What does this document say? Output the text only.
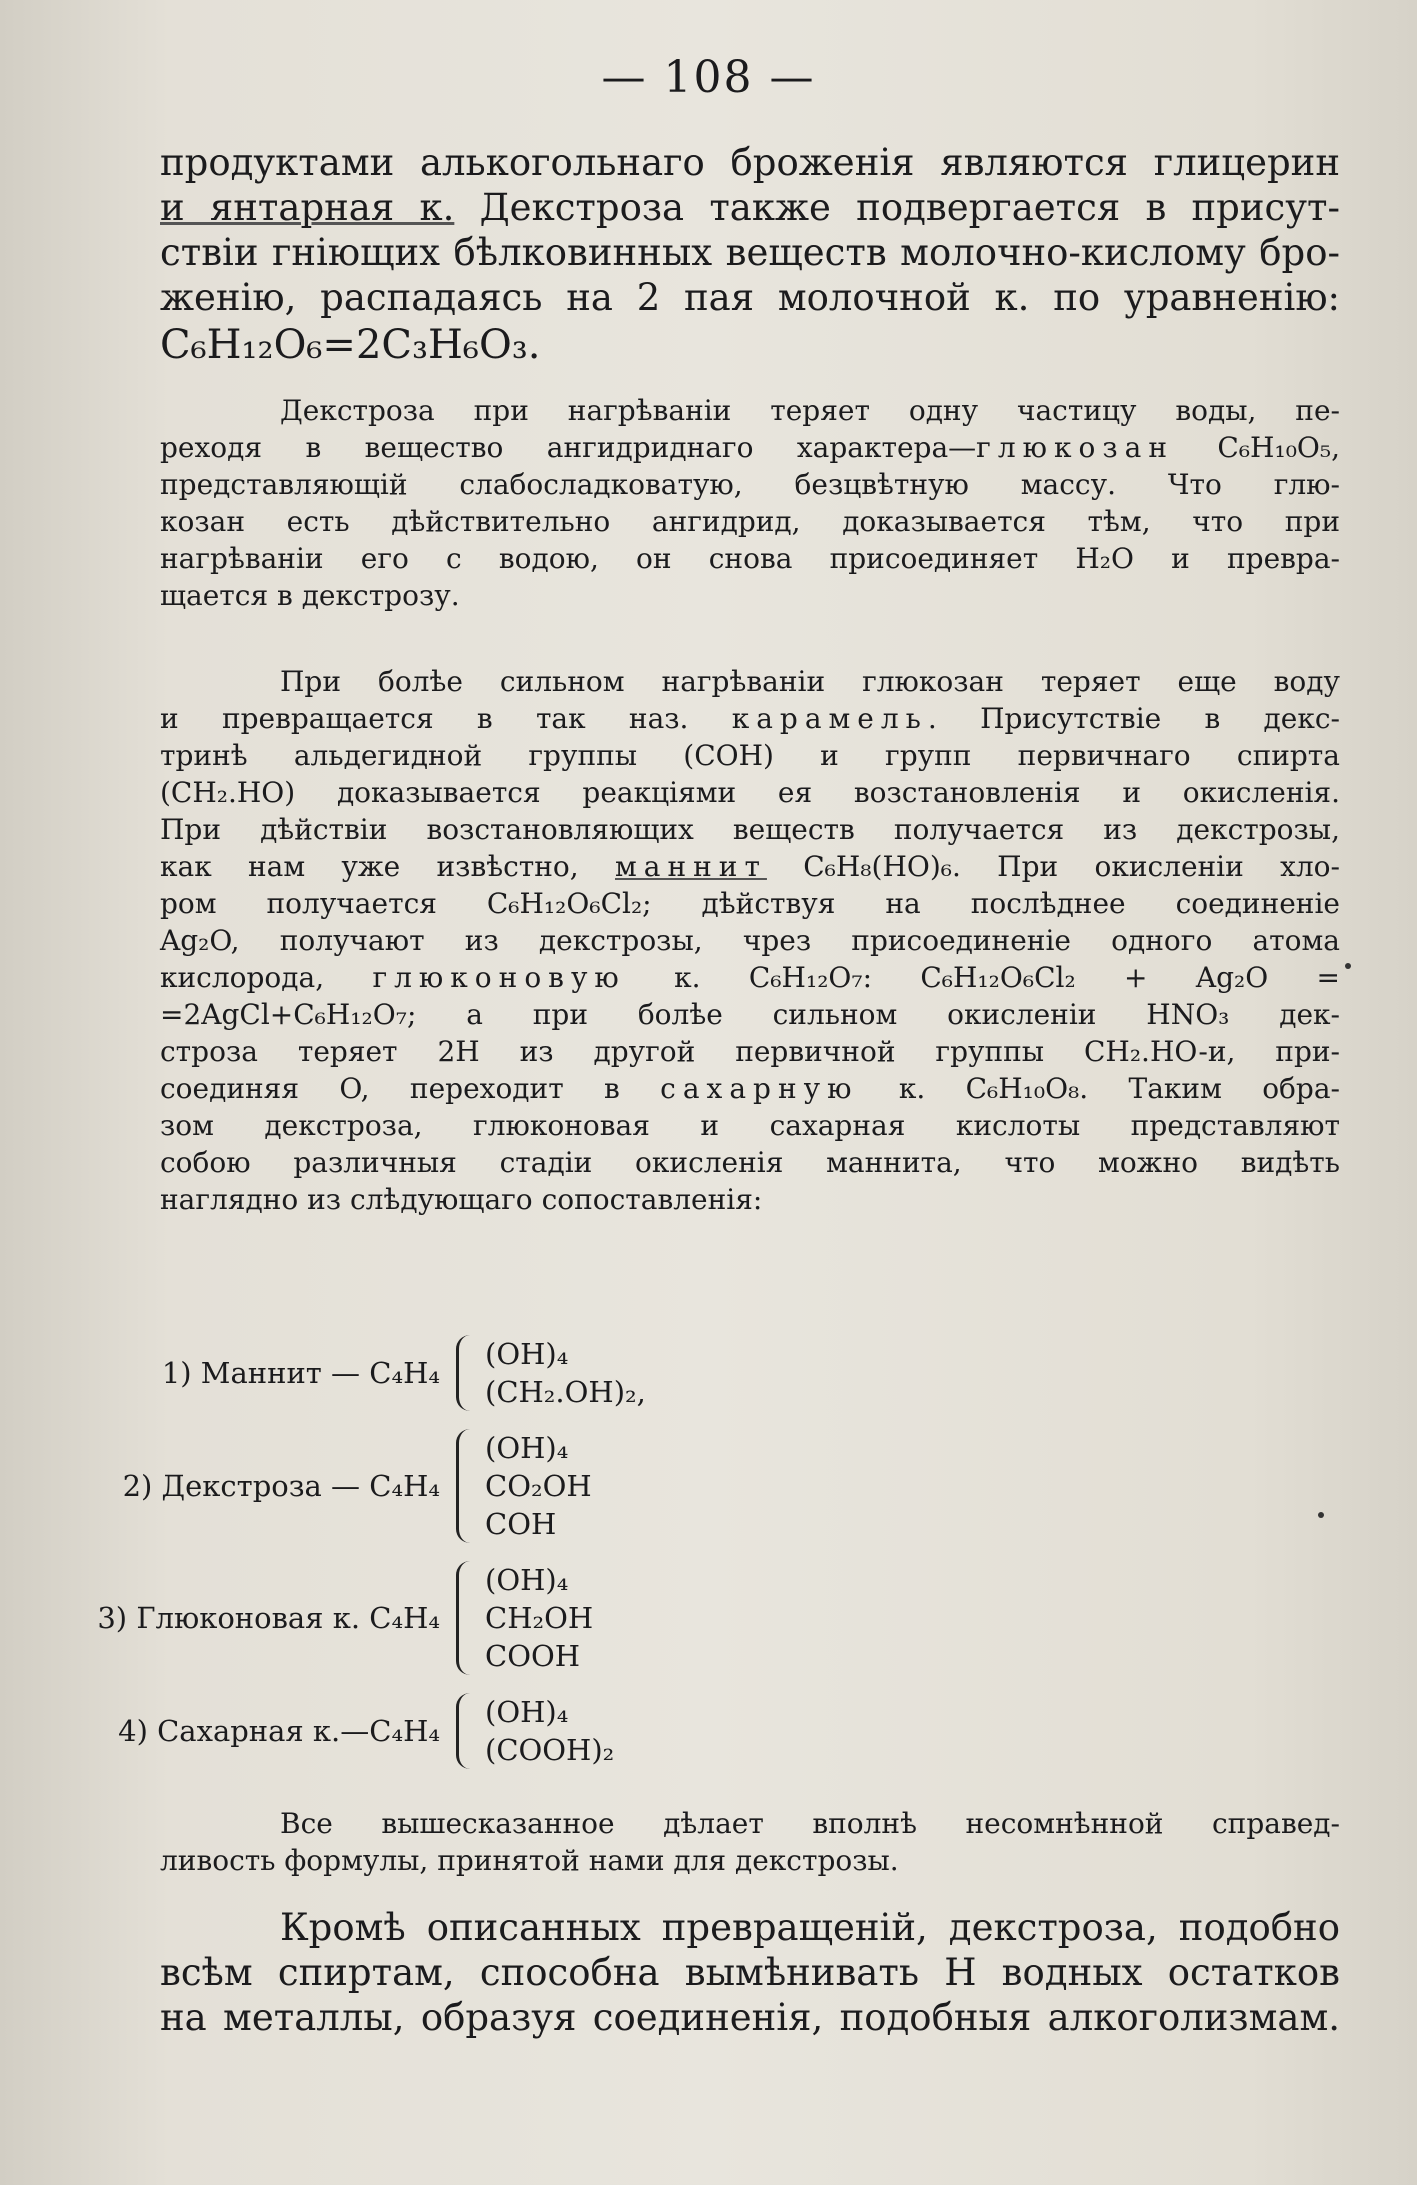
— 108 —
продуктами алькогольнаго броженія являются глицерин
и янтарная к. Декстроза также подвергается в присут-
ствіи гніющих бѣлковинных веществ молочно-кислому бро-
женію, распадаясь на 2 пая молочной к. по уравненію:
C₆H₁₂O₆=2C₃H₆O₃.
Декстроза при нагрѣваніи теряет одну частицу воды, пе-
реходя в вещество ангидриднаго характера—глюкозан C₆H₁₀O₅,
представляющій слабосладковатую, безцвѣтную массу. Что глю-
козан есть дѣйствительно ангидрид, доказывается тѣм, что при
нагрѣваніи его с водою, он снова присоединяет H₂O и превра-
щается в декстрозу.
При болѣе сильном нагрѣваніи глюкозан теряет еще воду
и превращается в так наз. карамель. Присутствіе в декс-
тринѣ альдегидной группы (COH) и групп первичнаго спирта
(CH₂.HO) доказывается реакціями ея возстановленія и окисленія.
При дѣйствіи возстановляющих веществ получается из декстрозы,
как нам уже извѣстно, маннит C₆H₈(HO)₆. При окисленіи хло-
ром получается C₆H₁₂O₆Cl₂; дѣйствуя на послѣднее соединеніе
Ag₂O, получают из декстрозы, чрез присоединеніе одного атома
кислорода, глюконовую к. C₆H₁₂O₇: C₆H₁₂O₆Cl₂ + Ag₂O =
=2AgCl+C₆H₁₂O₇; а при болѣе сильном окисленіи HNO₃ дек-
строза теряет 2H из другой первичной группы CH₂.HO-и, при-
соединяя O, переходит в сахарную к. C₆H₁₀O₈. Таким обра-
зом декстроза, глюконовая и сахарная кислоты представляют
собою различныя стадіи окисленія маннита, что можно видѣть
наглядно из слѣдующаго сопоставленія:
1) Маннит — C₄H₄
(OH)₄
(CH₂.OH)₂,
2) Декстроза — C₄H₄
(OH)₄
CO₂OH
COH
3) Глюконовая к. C₄H₄
(OH)₄
CH₂OH
COOH
4) Сахарная к.—C₄H₄
(OH)₄
(COOH)₂
Все вышесказанное дѣлает вполнѣ несомнѣнной справед-
ливость формулы, принятой нами для декстрозы.
Кромѣ описанных превращеній, декстроза, подобно
всѣм спиртам, способна вымѣнивать H водных остатков
на металлы, образуя соединенія, подобныя алкоголизмам.
